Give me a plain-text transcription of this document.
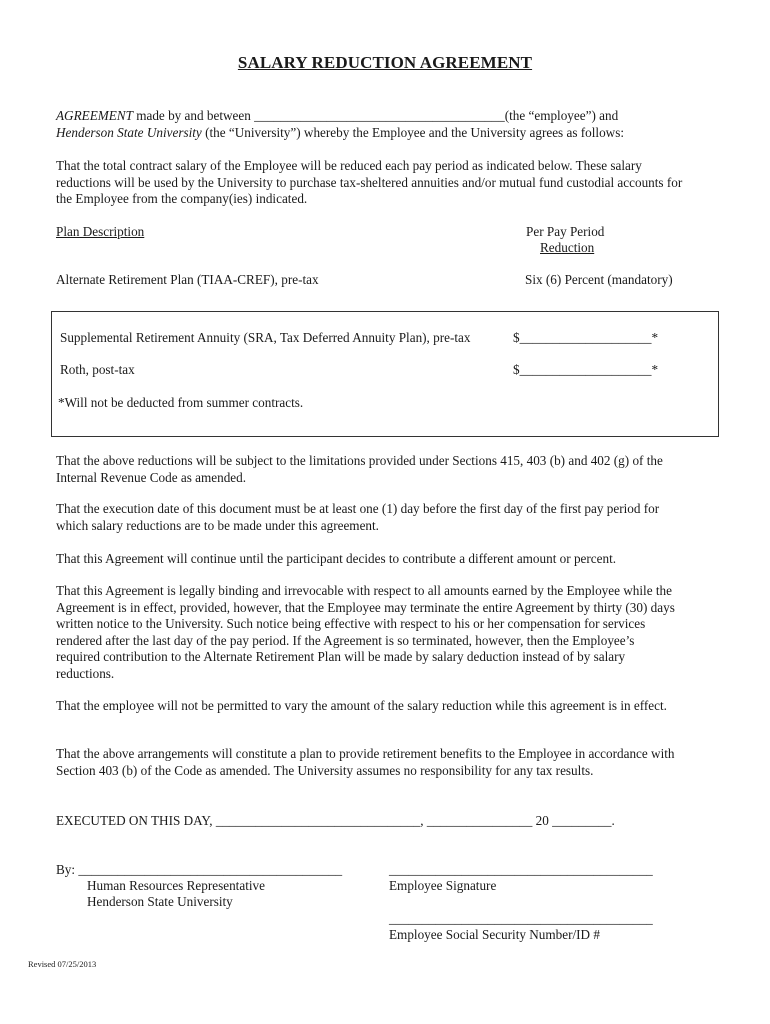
SALARY REDUCTION AGREEMENT
AGREEMENT made by and between ______________________________________(the “employee”) and
Henderson State University (the “University”) whereby the Employee and the University agrees as follows:
That the total contract salary of the Employee will be reduced each pay period as indicated below. These salary reductions will be used by the University to purchase tax-sheltered annuities and/or mutual fund custodial accounts for the Employee from the company(ies) indicated.
Plan Description	Per Pay Period
Reduction
Alternate Retirement Plan (TIAA-CREF), pre-tax	Six (6) Percent (mandatory)
Supplemental Retirement Annuity (SRA, Tax Deferred Annuity Plan), pre-tax	$____________________*
Roth, post-tax	$____________________*
*Will not be deducted from summer contracts.
That the above reductions will be subject to the limitations provided under Sections 415, 403 (b) and 402 (g) of the Internal Revenue Code as amended.
That the execution date of this document must be at least one (1) day before the first day of the first pay period for which salary reductions are to be made under this agreement.
That this Agreement will continue until the participant decides to contribute a different amount or percent.
That this Agreement is legally binding and irrevocable with respect to all amounts earned by the Employee while the Agreement is in effect, provided, however, that the Employee may terminate the entire Agreement by thirty (30) days written notice to the University. Such notice being effective with respect to his or her compensation for services rendered after the last day of the pay period. If the Agreement is so terminated, however, then the Employee’s required contribution to the Alternate Retirement Plan will be made by salary deduction instead of by salary reductions.
That the employee will not be permitted to vary the amount of the salary reduction while this agreement is in effect.
That the above arrangements will constitute a plan to provide retirement benefits to the Employee in accordance with Section 403 (b) of the Code as amended. The University assumes no responsibility for any tax results.
EXECUTED ON THIS DAY, _______________________________, ________________ 20 _________.
By: ________________________________________
Human Resources Representative
Henderson State University
________________________________________
Employee Signature
________________________________________
Employee Social Security Number/ID #
Revised 07/25/2013
